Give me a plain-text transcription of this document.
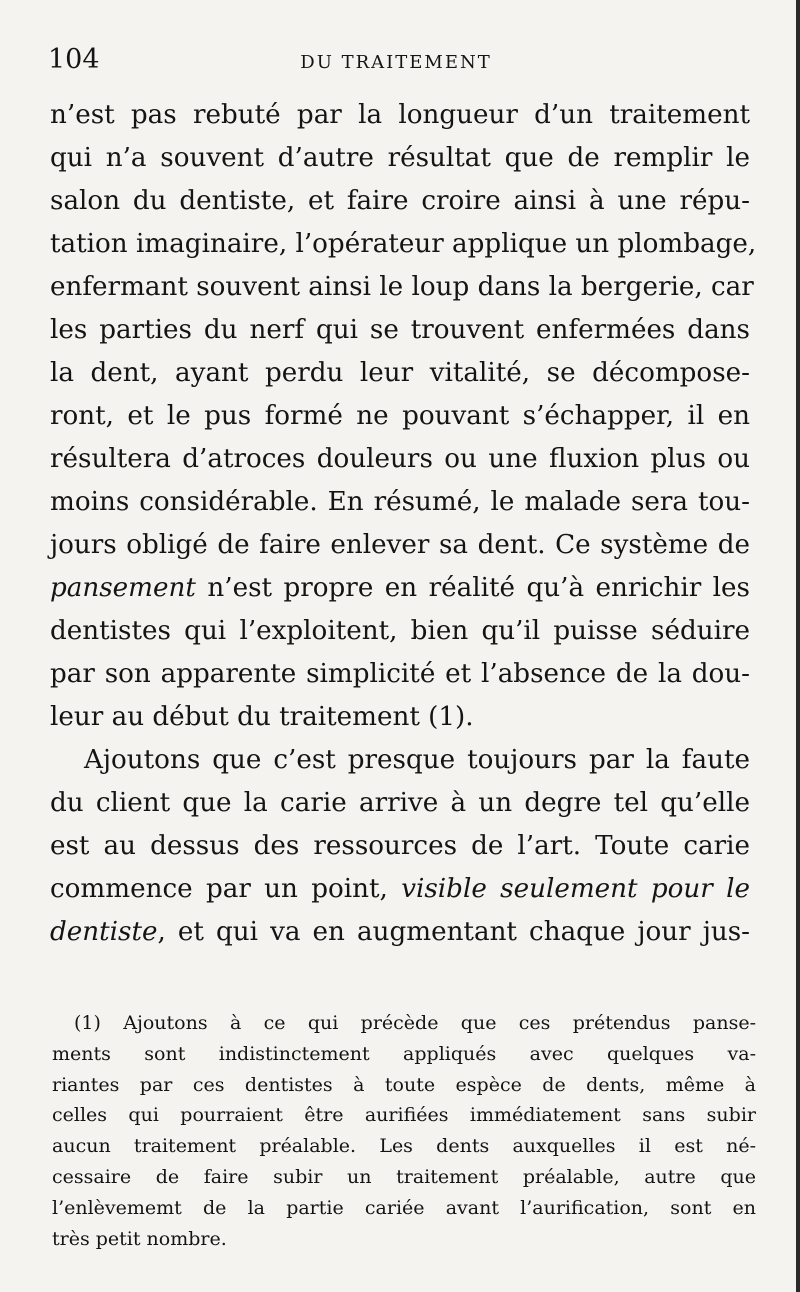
104	DU TRAITEMENT
n’est pas rebuté par la longueur d’un traitement
qui n’a souvent d’autre résultat que de remplir le
salon du dentiste, et faire croire ainsi à une répu-
tation imaginaire, l’opérateur applique un plombage,
enfermant souvent ainsi le loup dans la bergerie, car
les parties du nerf qui se trouvent enfermées dans
la dent, ayant perdu leur vitalité, se décompose-
ront, et le pus formé ne pouvant s’échapper, il en
résultera d’atroces douleurs ou une fluxion plus ou
moins considérable. En résumé, le malade sera tou-
jours obligé de faire enlever sa dent. Ce système de
pansement n’est propre en réalité qu’à enrichir les
dentistes qui l’exploitent, bien qu’il puisse séduire
par son apparente simplicité et l’absence de la dou-
leur au début du traitement (1).
Ajoutons que c’est presque toujours par la faute
du client que la carie arrive à un degre tel qu’elle
est au dessus des ressources de l’art. Toute carie
commence par un point, visible seulement pour le
dentiste, et qui va en augmentant chaque jour jus-
(1) Ajoutons à ce qui précède que ces prétendus panse-
ments sont indistinctement appliqués avec quelques va-
riantes par ces dentistes à toute espèce de dents, même à
celles qui pourraient être aurifiées immédiatement sans subir
aucun traitement préalable. Les dents auxquelles il est né-
cessaire de faire subir un traitement préalable, autre que
l’enlèvememt de la partie cariée avant l’aurification, sont en
très petit nombre.
